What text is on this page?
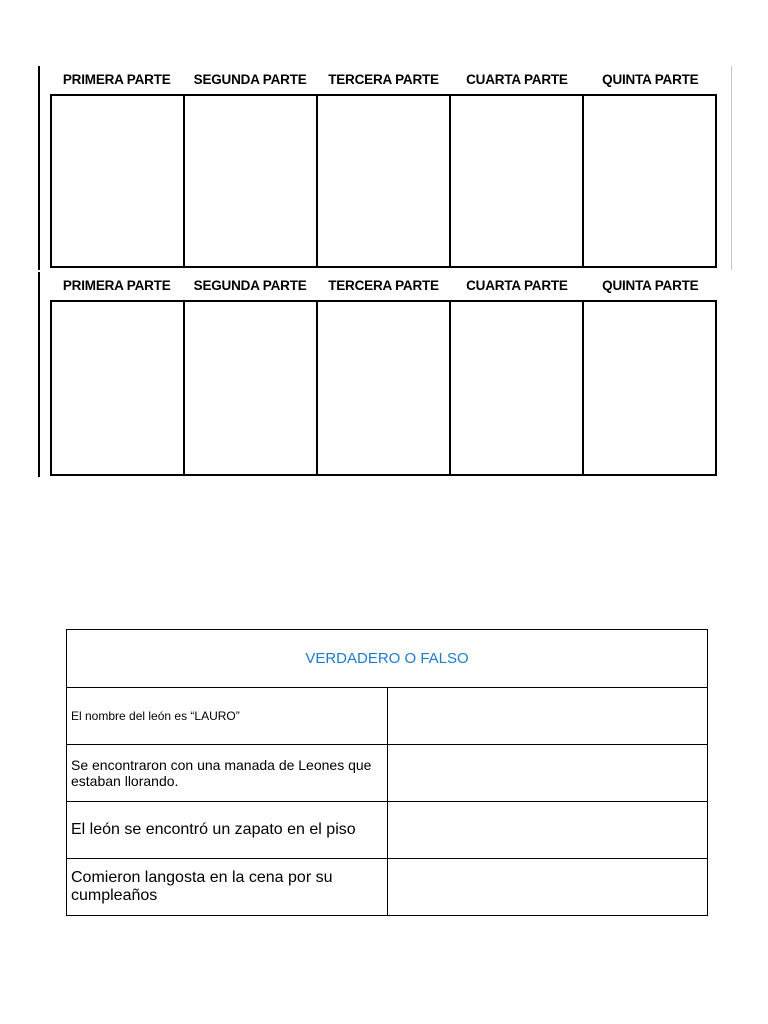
PRIMERA PARTE	SEGUNDA PARTE	TERCERA PARTE	CUARTA PARTE	QUINTA PARTE
PRIMERA PARTE	SEGUNDA PARTE	TERCERA PARTE	CUARTA PARTE	QUINTA PARTE
VERDADERO O FALSO	
El nombre del león es “LAURO”	
Se encontraron con una manada de Leones que estaban llorando.	
El león se encontró un zapato en el piso	
Comieron langosta en la cena por su cumpleaños	
